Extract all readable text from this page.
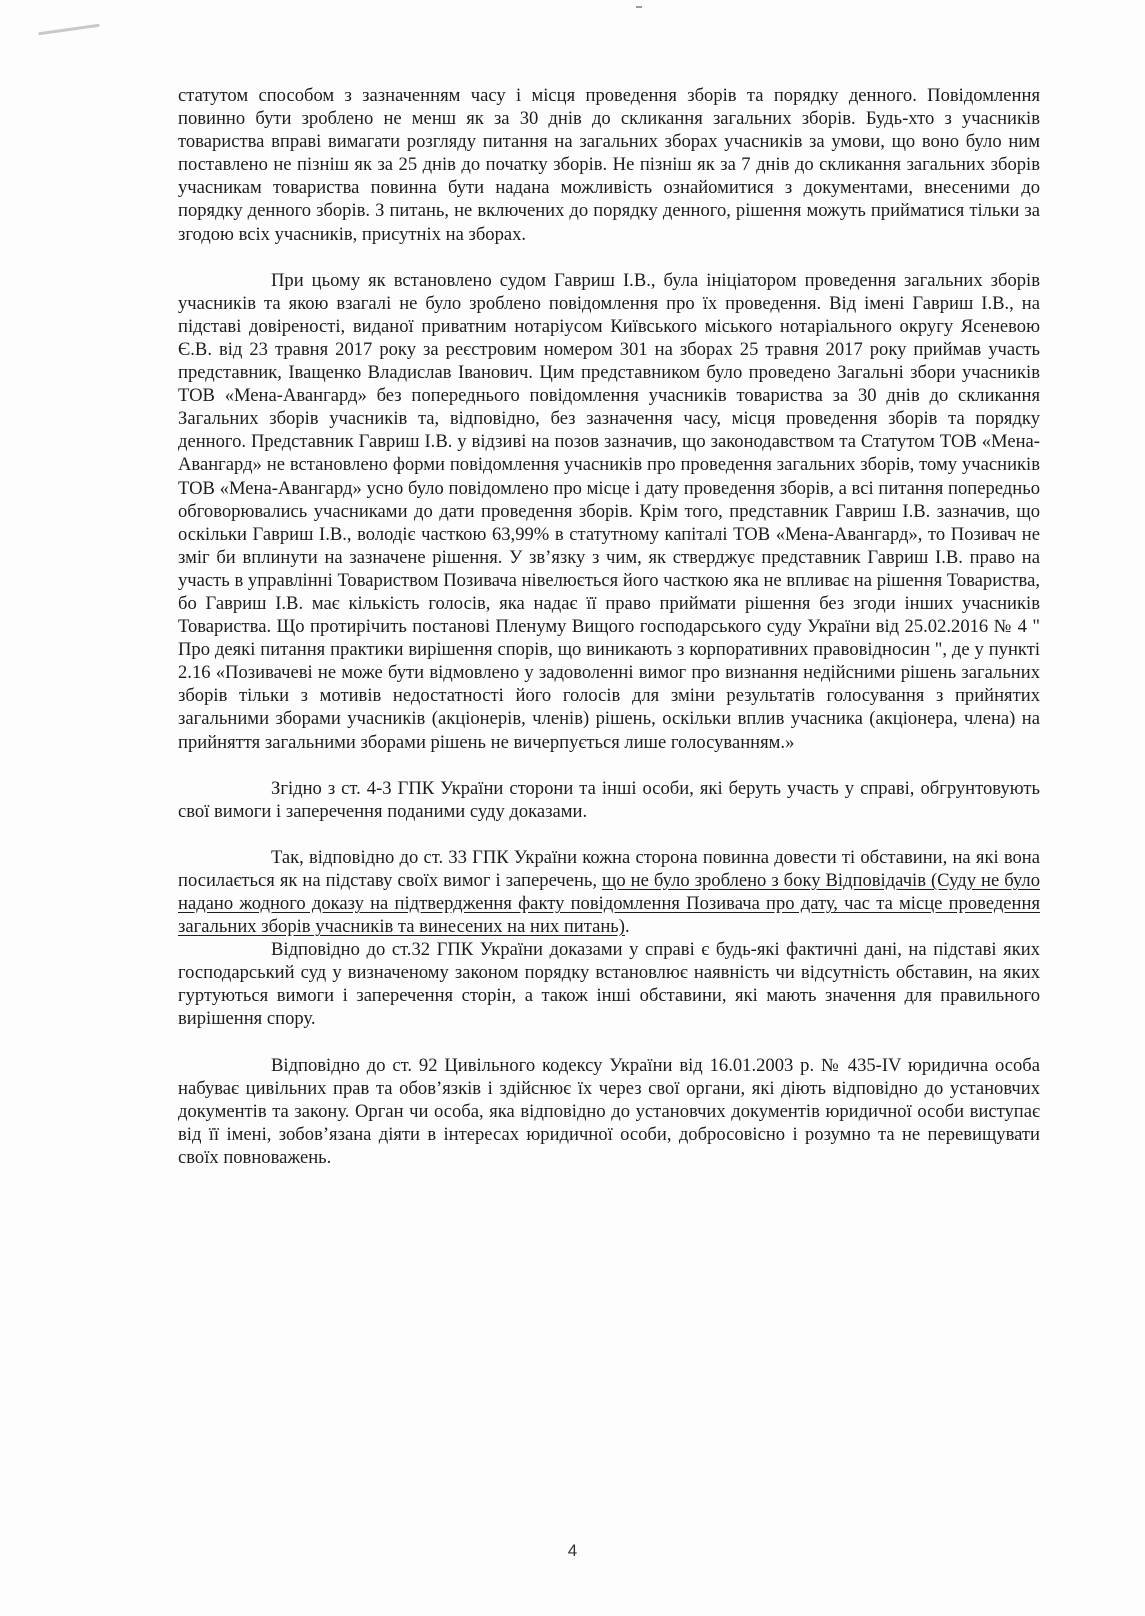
статутом способом з зазначенням часу і місця проведення зборів та порядку денного. Повідомлення повинно бути зроблено не менш як за 30 днів до скликання загальних зборів. Будь-хто з учасників товариства вправі вимагати розгляду питання на загальних зборах учасників за умови, що воно було ним поставлено не пізніш як за 25 днів до початку зборів. Не пізніш як за 7 днів до скликання загальних зборів учасникам товариства повинна бути надана можливість ознайомитися з документами, внесеними до порядку денного зборів. З питань, не включених до порядку денного, рішення можуть прийматися тільки за згодою всіх учасників, присутніх на зборах.

При цьому як встановлено судом Гавриш І.В., була ініціатором проведення загальних зборів учасників та якою взагалі не було зроблено повідомлення про їх проведення. Від імені Гавриш І.В., на підставі довіреності, виданої приватним нотаріусом Київського міського нотаріального округу Ясеневою Є.В. від 23 травня 2017 року за реєстровим номером 301 на зборах 25 травня 2017 року приймав участь представник, Іващенко Владислав Іванович. Цим представником було проведено Загальні збори учасників ТОВ «Мена-Авангард» без попереднього повідомлення учасників товариства за 30 днів до скликання Загальних зборів учасників та, відповідно, без зазначення часу, місця проведення зборів та порядку денного. Представник Гавриш І.В. у відзиві на позов зазначив, що законодавством та Статутом ТОВ «Мена-Авангард» не встановлено форми повідомлення учасників про проведення загальних зборів, тому учасників ТОВ «Мена-Авангард» усно було повідомлено про місце і дату проведення зборів, а всі питання попередньо обговорювались учасниками до дати проведення зборів. Крім того, представник Гавриш І.В. зазначив, що оскільки Гавриш І.В., володіє часткою 63,99% в статутному капіталі ТОВ «Мена-Авангард», то Позивач не зміг би вплинути на зазначене рішення. У зв’язку з чим, як стверджує представник Гавриш І.В. право на участь в управлінні Товариством Позивача нівелюється його часткою яка не впливає на рішення Товариства, бо Гавриш І.В. має кількість голосів, яка надає її право приймати рішення без згоди інших учасників Товариства. Що протирічить постанові Пленуму Вищого господарського суду України від 25.02.2016 № 4 " Про деякі питання практики вирішення спорів, що виникають з корпоративних правовідносин ", де у пункті 2.16 «Позивачеві не може бути відмовлено у задоволенні вимог про визнання недійсними рішень загальних зборів тільки з мотивів недостатності його голосів для зміни результатів голосування з прийнятих загальними зборами учасників (акціонерів, членів) рішень, оскільки вплив учасника (акціонера, члена) на прийняття загальними зборами рішень не вичерпується лише голосуванням.»

Згідно з ст. 4-3 ГПК України сторони та інші особи, які беруть участь у справі, обгрунтовують свої вимоги і заперечення поданими суду доказами.

Так, відповідно до ст. 33 ГПК України кожна сторона повинна довести ті обставини, на які вона посилається як на підставу своїх вимог і заперечень, що не було зроблено з боку Відповідачів (Суду не було надано жодного доказу на підтвердження факту повідомлення Позивача про дату, час та місце проведення загальних зборів учасників та винесених на них питань).

Відповідно до ст.32 ГПК України доказами у справі є будь-які фактичні дані, на підставі яких господарський суд у визначеному законом порядку встановлює наявність чи відсутність обставин, на яких гуртуються вимоги і заперечення сторін, а також інші обставини, які мають значення для правильного вирішення спору.

Відповідно до ст. 92 Цивільного кодексу України від 16.01.2003 р. № 435-IV юридична особа набуває цивільних прав та обов’язків і здійснює їх через свої органи, які діють відповідно до установчих документів та закону. Орган чи особа, яка відповідно до установчих документів юридичної особи виступає від її імені, зобов’язана діяти в інтересах юридичної особи, добросовісно і розумно та не перевищувати своїх повноважень.

4
